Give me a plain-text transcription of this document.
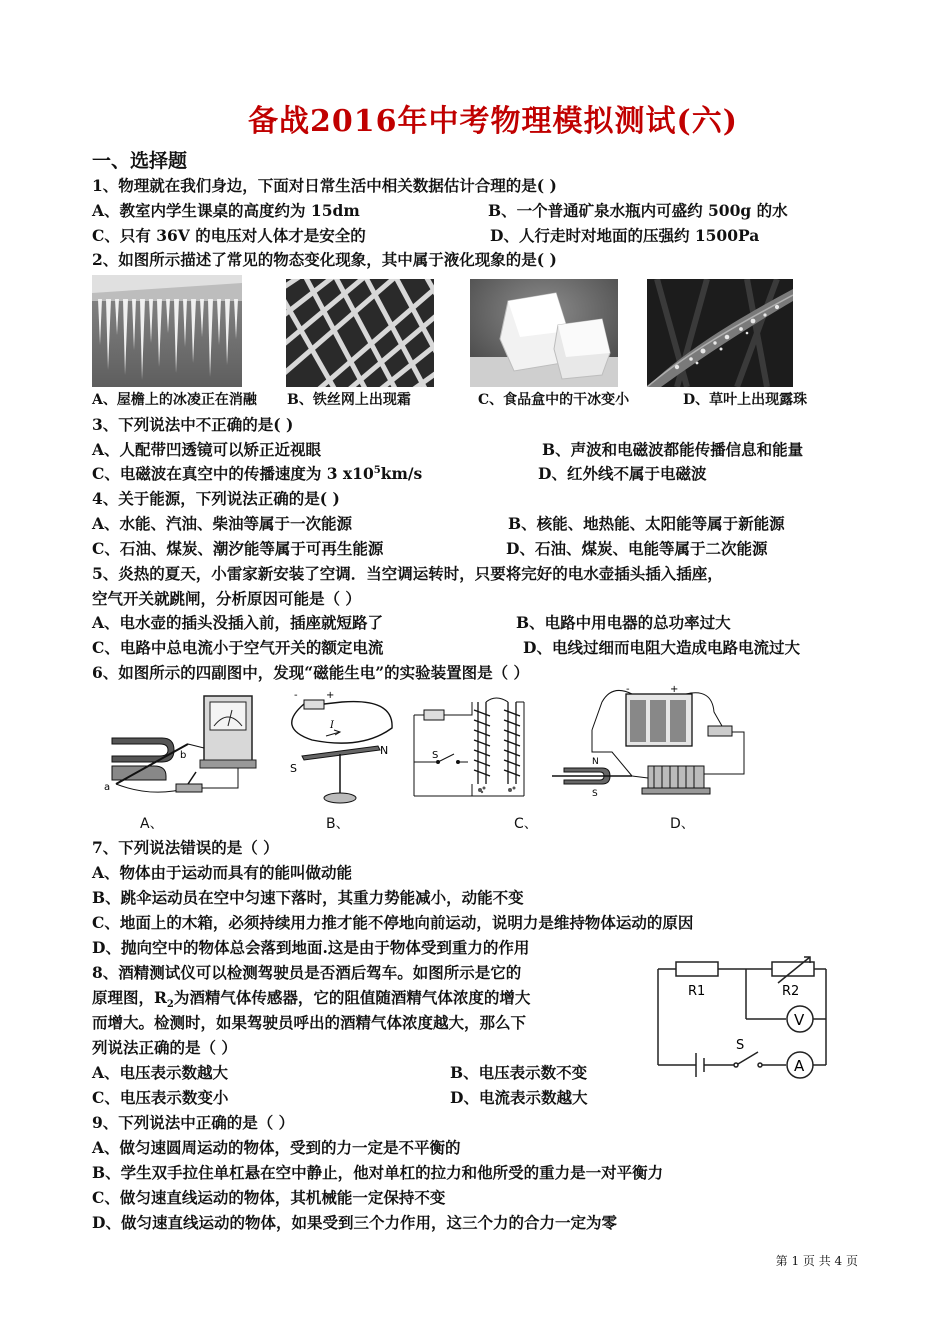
备战2016年中考物理模拟测试(六)
一、选择题
1、物理就在我们身边，下面对日常生活中相关数据估计合理的是( )
A、教室内学生课桌的高度约为 15dm	B、一个普通矿泉水瓶内可盛约 500g 的水
C、只有 36V 的电压对人体才是安全的	D、人行走时对地面的压强约 1500Pa
2、如图所示描述了常见的物态变化现象，其中属于液化现象的是( )
A、屋檐上的冰凌正在消融 B、铁丝网上出现霜	C、食品盒中的干冰变小	D、草叶上出现露珠
3、下列说法中不正确的是( )
A、人配带凹透镜可以矫正近视眼	B、声波和电磁波都能传播信息和能量
C、电磁波在真空中的传播速度为 3 $x10^5km/s$	D、红外线不属于电磁波
4、关于能源，下列说法正确的是( )
A、水能、汽油、柴油等属于一次能源	B、核能、地热能、太阳能等属于新能源
C、石油、煤炭、潮汐能等属于可再生能源	D、石油、煤炭、电能等属于二次能源
5、炎热的夏天，小雷家新安装了空调．当空调运转时，只要将完好的电水壶插头插入插座，
空气开关就跳闸，分析原因可能是（ ）
A、电水壶的插头没插入前，插座就短路了	B、电路中用电器的总功率过大
C、电路中总电流小于空气开关的额定电流	D、电线过细而电阻大造成电路电流过大
6、如图所示的四副图中，发现“磁能生电”的实验装置图是（ ）
b
a
I
S
N
-	+
S
N
S
-	+
A、	B、	C、	D、
7、下列说法错误的是（ ）
A、物体由于运动而具有的能叫做动能
B、跳伞运动员在空中匀速下落时，其重力势能减小，动能不变
C、地面上的木箱，必须持续用力推才能不停地向前运动，说明力是维持物体运动的原因
D、抛向空中的物体总会落到地面.这是由于物体受到重力的作用
8、酒精测试仪可以检测驾驶员是否酒后驾车。如图所示是它的
原理图，$R_2$为酒精气体传感器，它的阻值随酒精气体浓度的增大
而增大。检测时，如果驾驶员呼出的酒精气体浓度越大，那么下
列说法正确的是（ ）
A、电压表示数越大	B、电压表示数不变
C、电压表示数变小	D、电流表示数越大
R1	R2
V
A
S
9、下列说法中正确的是（ ）
A、做匀速圆周运动的物体，受到的力一定是不平衡的
B、学生双手拉住单杠悬在空中静止，他对单杠的拉力和他所受的重力是一对平衡力
C、做匀速直线运动的物体，其机械能一定保持不变
D、做匀速直线运动的物体，如果受到三个力作用，这三个力的合力一定为零
第 1 页 共 4 页
